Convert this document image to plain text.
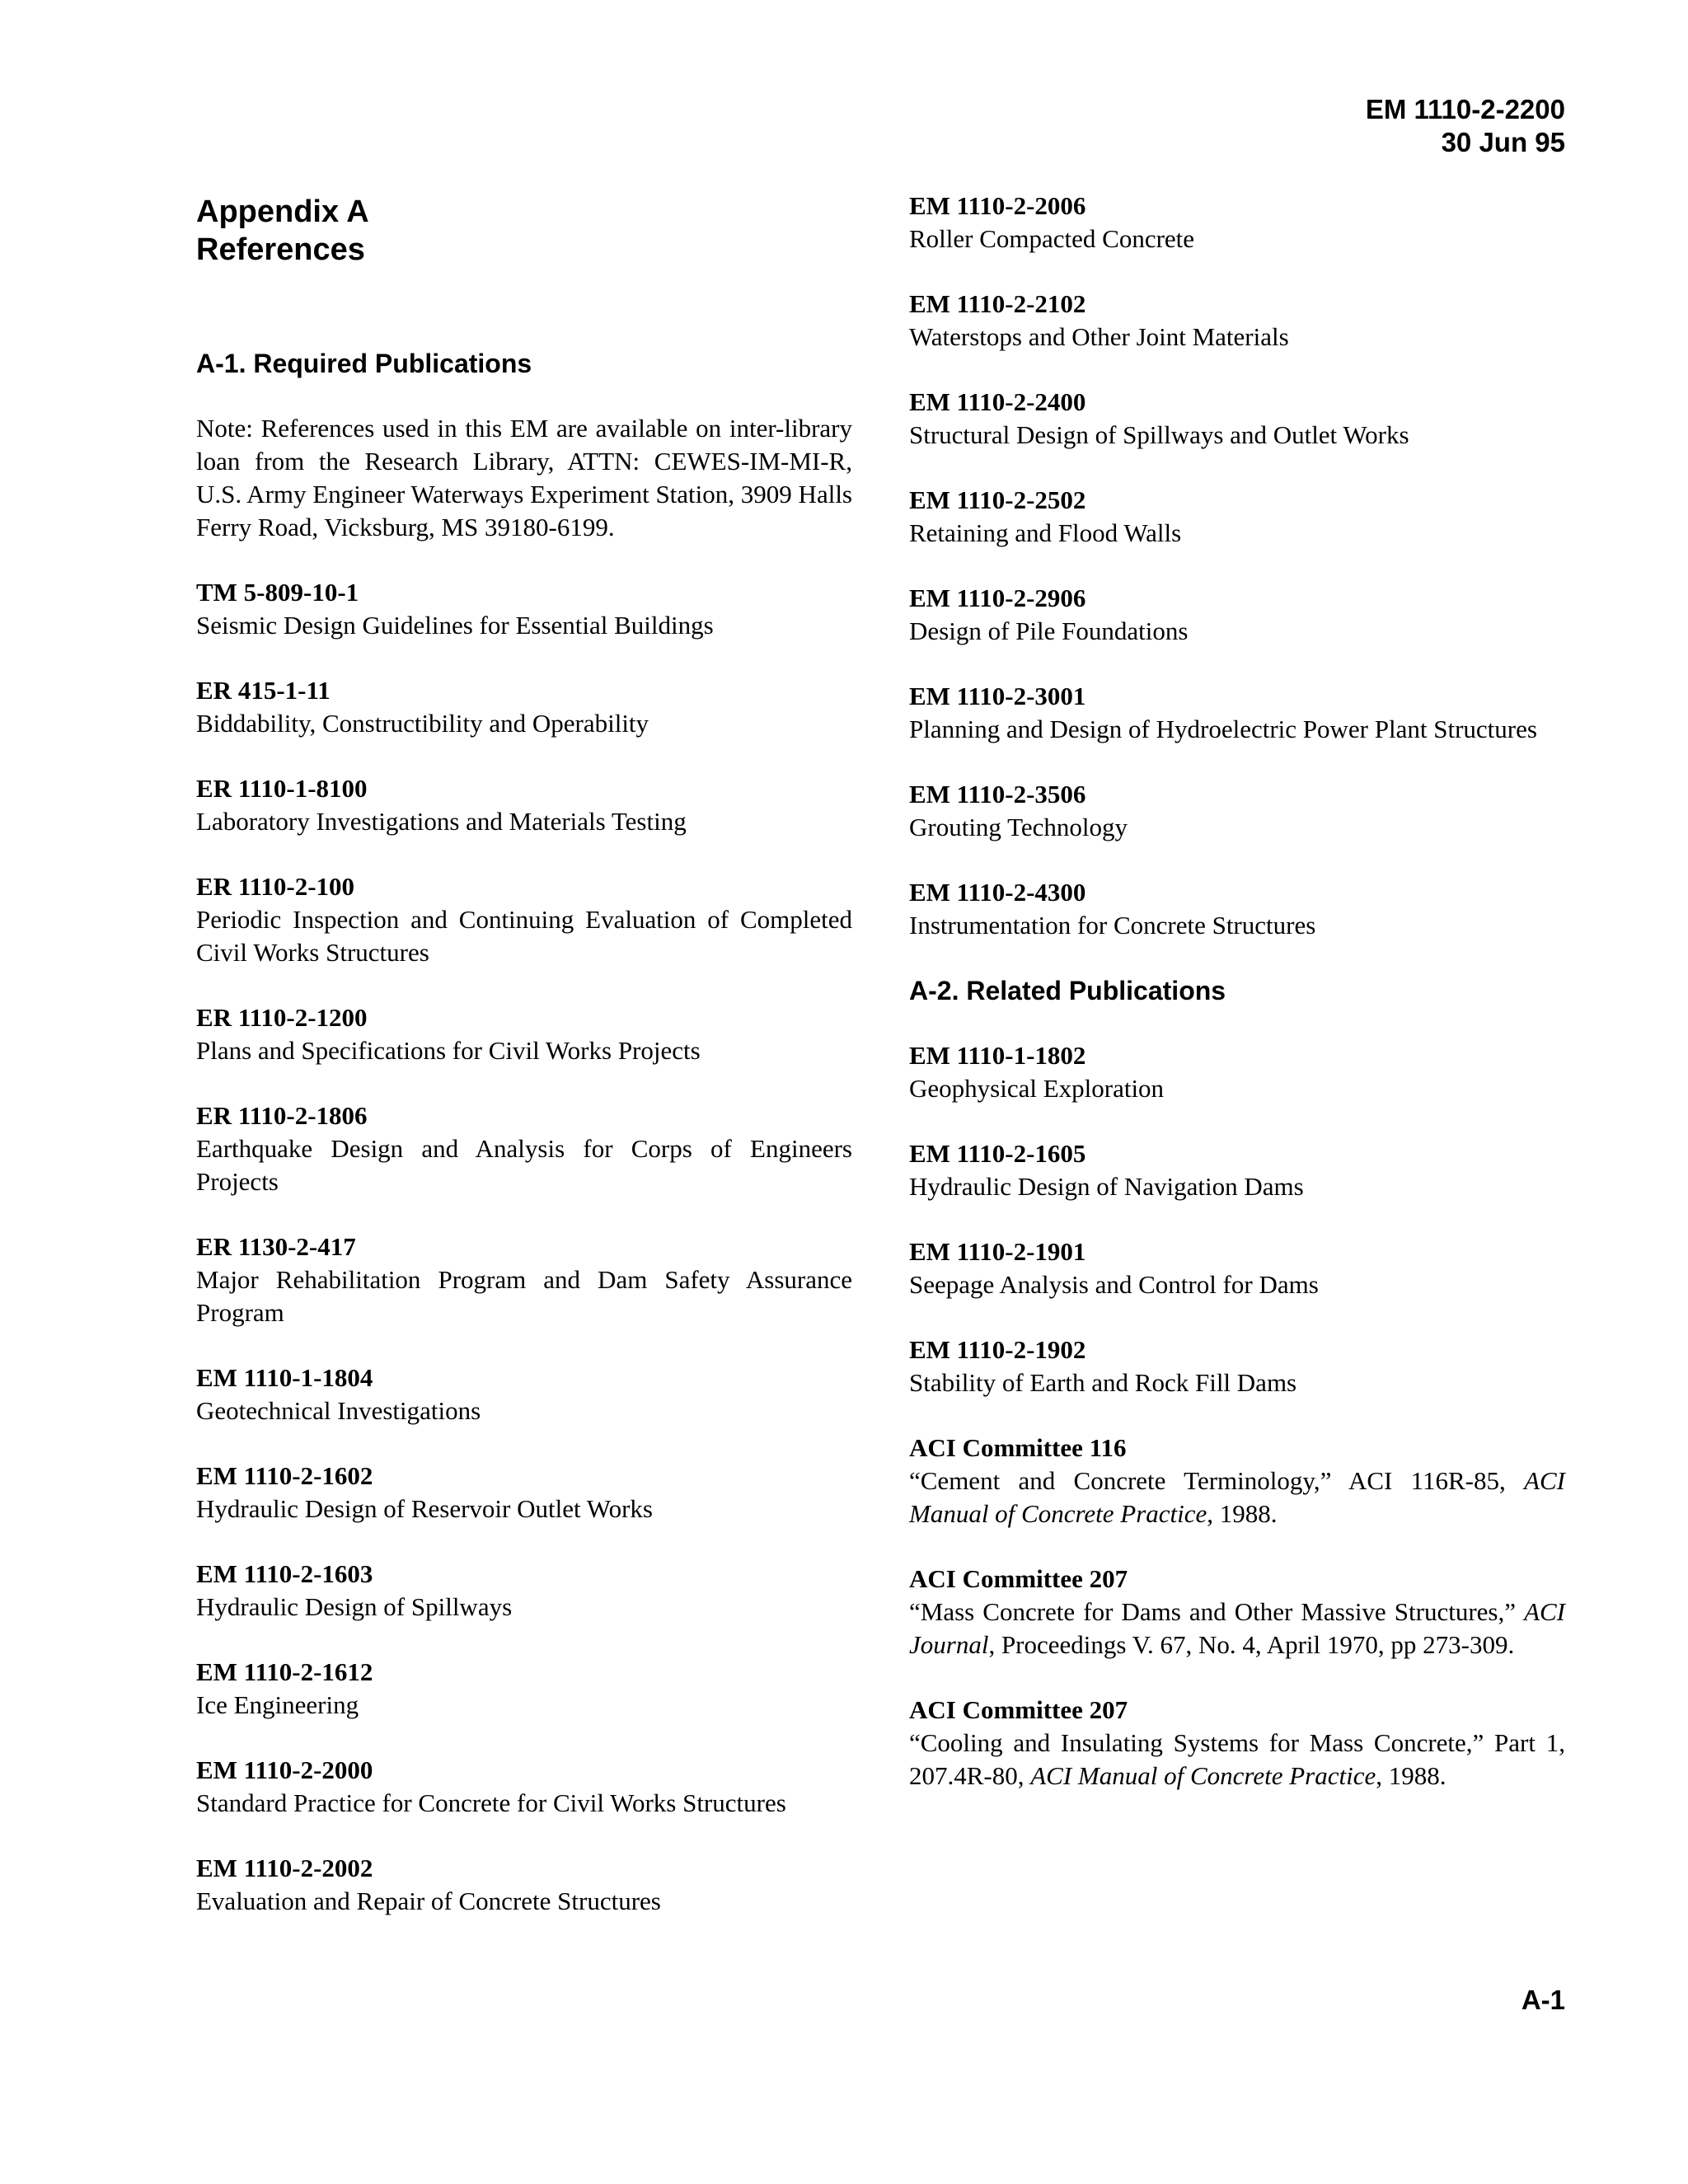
EM 1110-2-2200
30 Jun 95
Appendix A
References
A-1. Required Publications

Note: References used in this EM are available on inter-library loan from the Research Library, ATTN: CEWES-IM-MI-R, U.S. Army Engineer Waterways Experiment Station, 3909 Halls Ferry Road, Vicksburg, MS 39180-6199.

TM 5-809-10-1
Seismic Design Guidelines for Essential Buildings
ER 415-1-11
Biddability, Constructibility and Operability
ER 1110-1-8100
Laboratory Investigations and Materials Testing
ER 1110-2-100
Periodic Inspection and Continuing Evaluation of Completed Civil Works Structures
ER 1110-2-1200
Plans and Specifications for Civil Works Projects
ER 1110-2-1806
Earthquake Design and Analysis for Corps of Engineers Projects
ER 1130-2-417
Major Rehabilitation Program and Dam Safety Assurance Program
EM 1110-1-1804
Geotechnical Investigations
EM 1110-2-1602
Hydraulic Design of Reservoir Outlet Works
EM 1110-2-1603
Hydraulic Design of Spillways
EM 1110-2-1612
Ice Engineering
EM 1110-2-2000
Standard Practice for Concrete for Civil Works Structures
EM 1110-2-2002
Evaluation and Repair of Concrete Structures
EM 1110-2-2006
Roller Compacted Concrete
EM 1110-2-2102
Waterstops and Other Joint Materials
EM 1110-2-2400
Structural Design of Spillways and Outlet Works
EM 1110-2-2502
Retaining and Flood Walls
EM 1110-2-2906
Design of Pile Foundations
EM 1110-2-3001
Planning and Design of Hydroelectric Power Plant Structures
EM 1110-2-3506
Grouting Technology
EM 1110-2-4300
Instrumentation for Concrete Structures
A-2. Related Publications
EM 1110-1-1802
Geophysical Exploration
EM 1110-2-1605
Hydraulic Design of Navigation Dams
EM 1110-2-1901
Seepage Analysis and Control for Dams
EM 1110-2-1902
Stability of Earth and Rock Fill Dams
ACI Committee 116
“Cement and Concrete Terminology,” ACI 116R-85, ACI Manual of Concrete Practice, 1988.
ACI Committee 207
“Mass Concrete for Dams and Other Massive Structures,” ACI Journal, Proceedings V. 67, No. 4, April 1970, pp 273-309.
ACI Committee 207
“Cooling and Insulating Systems for Mass Concrete,” Part 1, 207.4R-80, ACI Manual of Concrete Practice, 1988.
A-1
